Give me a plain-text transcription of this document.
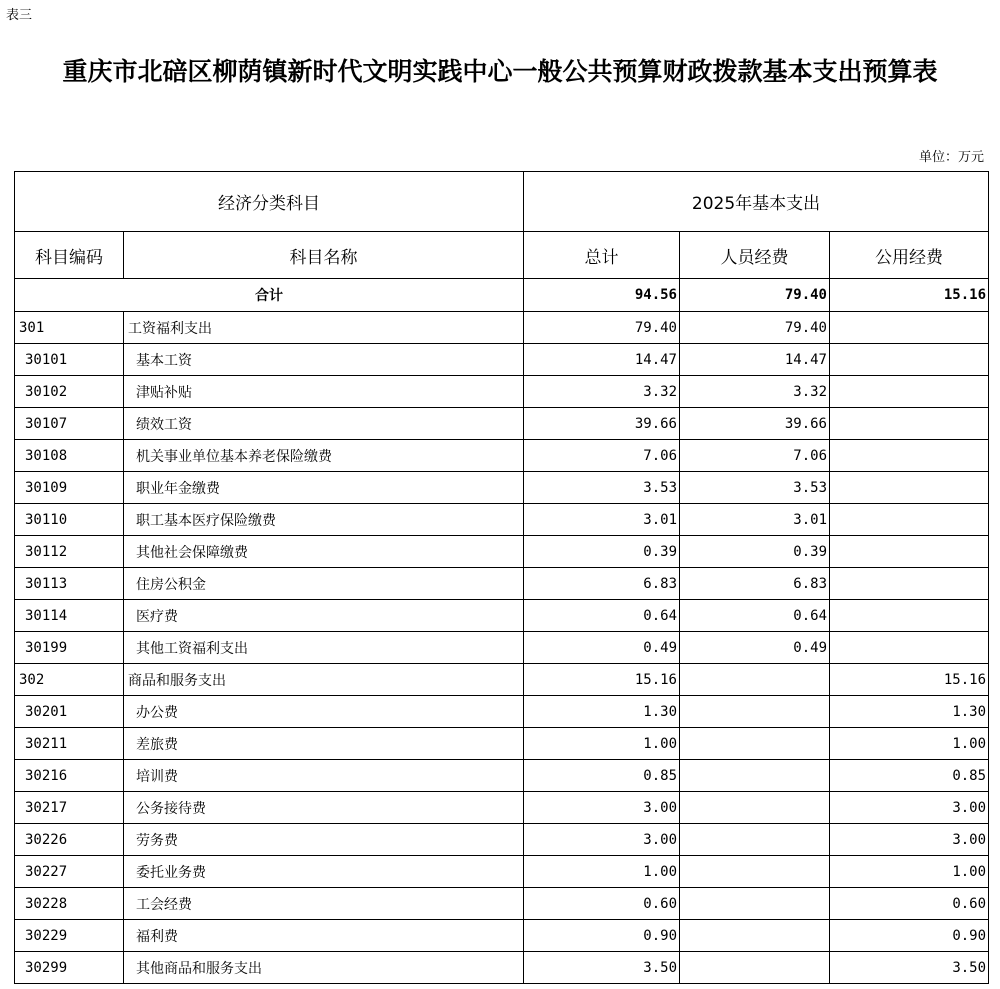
表三
重庆市北碚区柳荫镇新时代文明实践中心一般公共预算财政拨款基本支出预算表
单位：万元
经济分类科目		2025年基本支出		
科目编码	科目名称	总计	人员经费	公用经费
合计		94.56	79.40	15.16
301	工资福利支出	79.40	79.40	
30101	基本工资	14.47	14.47	
30102	津贴补贴	3.32	3.32	
30107	绩效工资	39.66	39.66	
30108	机关事业单位基本养老保险缴费	7.06	7.06	
30109	职业年金缴费	3.53	3.53	
30110	职工基本医疗保险缴费	3.01	3.01	
30112	其他社会保障缴费	0.39	0.39	
30113	住房公积金	6.83	6.83	
30114	医疗费	0.64	0.64	
30199	其他工资福利支出	0.49	0.49	
302	商品和服务支出	15.16		15.16
30201	办公费	1.30		1.30
30211	差旅费	1.00		1.00
30216	培训费	0.85		0.85
30217	公务接待费	3.00		3.00
30226	劳务费	3.00		3.00
30227	委托业务费	1.00		1.00
30228	工会经费	0.60		0.60
30229	福利费	0.90		0.90
30299	其他商品和服务支出	3.50		3.50
